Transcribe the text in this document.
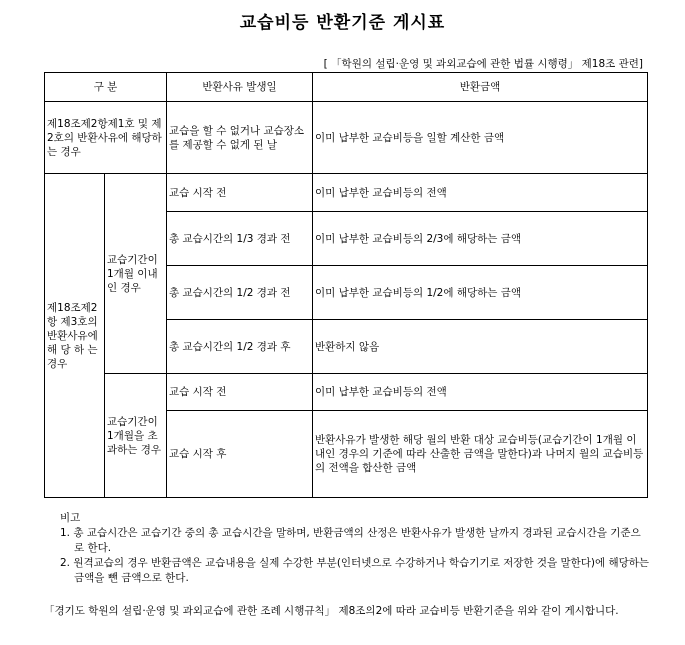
교습비등 반환기준 게시표
[ 「학원의 설립·운영 및 과외교습에 관한 법률 시행령」 제18조 관련]
구 분		반환사유 발생일	반환금액
제18조제2항제1호 및 제2호의 반환사유에 해당하는 경우		교습을 할 수 없거나 교습장소를 제공할 수 없게 된 날	이미 납부한 교습비등을 일할 계산한 금액
제18조제2항 제3호의 반환사유에 해 당 하 는 경우	교습기간이 1개월 이내인 경우	교습 시작 전	이미 납부한 교습비등의 전액
		총 교습시간의 1/3 경과 전	이미 납부한 교습비등의 2/3에 해당하는 금액
		총 교습시간의 1/2 경과 전	이미 납부한 교습비등의 1/2에 해당하는 금액
		총 교습시간의 1/2 경과 후	반환하지 않음
	교습기간이 1개월을 초과하는 경우	교습 시작 전	이미 납부한 교습비등의 전액
		교습 시작 후	반환사유가 발생한 해당 월의 반환 대상 교습비등(교습기간이 1개월 이내인 경우의 기준에 따라 산출한 금액을 말한다)과 나머지 월의 교습비등의 전액을 합산한 금액
비고
1. 총 교습시간은 교습기간 중의 총 교습시간을 말하며, 반환금액의 산정은 반환사유가 발생한 날까지 경과된 교습시간을 기준으로 한다.
2. 원격교습의 경우 반환금액은 교습내용을 실제 수강한 부분(인터넷으로 수강하거나 학습기기로 저장한 것을 말한다)에 해당하는 금액을 뺀 금액으로 한다.
「경기도 학원의 설립·운영 및 과외교습에 관한 조례 시행규칙」 제8조의2에 따라 교습비등 반환기준을 위와 같이 게시합니다.
